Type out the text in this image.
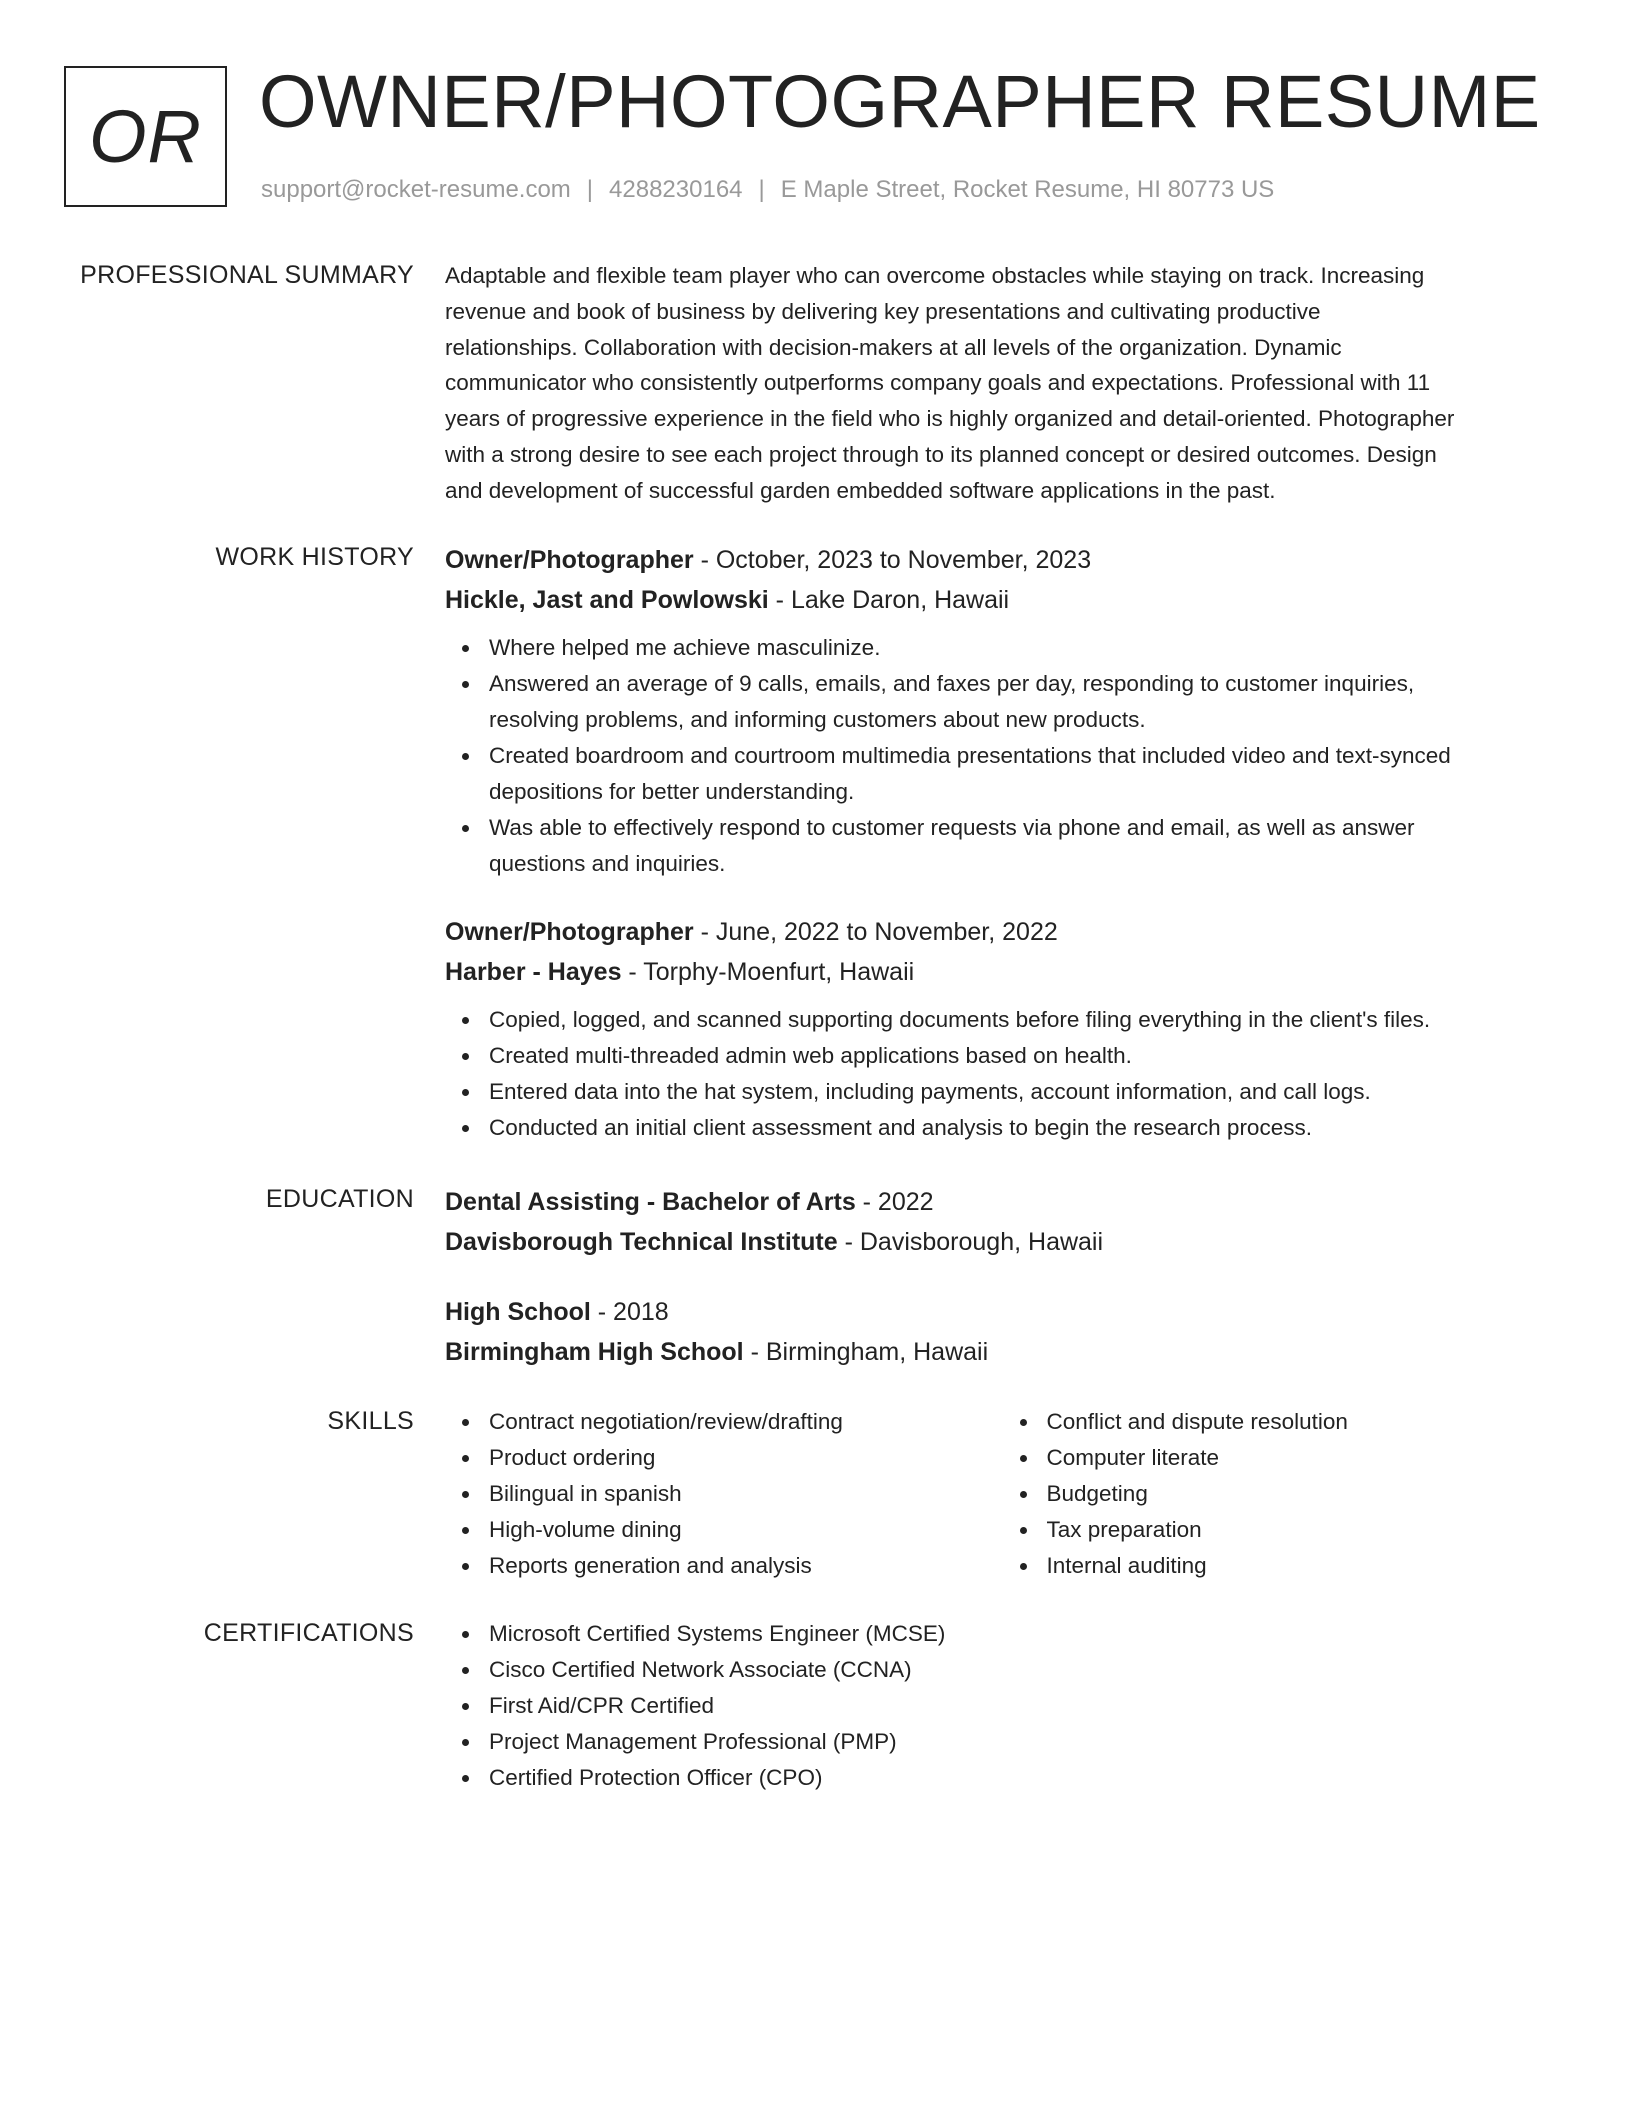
OR OWNER/PHOTOGRAPHER RESUME
support@rocket-resume.com | 4288230164 | E Maple Street, Rocket Resume, HI 80773 US
PROFESSIONAL SUMMARY Adaptable and flexible team player who can overcome obstacles while staying on track. Increasing
revenue and book of business by delivering key presentations and cultivating productive
relationships. Collaboration with decision-makers at all levels of the organization. Dynamic
communicator who consistently outperforms company goals and expectations. Professional with 11
years of progressive experience in the field who is highly organized and detail-oriented. Photographer
with a strong desire to see each project through to its planned concept or desired outcomes. Design
and development of successful garden embedded software applications in the past.

WORK HISTORY Owner/Photographer - October, 2023 to November, 2023
Hickle, Jast and Powlowski - Lake Daron, Hawaii
Where helped me achieve masculinize.
Answered an average of 9 calls, emails, and faxes per day, responding to customer inquiries,
resolving problems, and informing customers about new products.
Created boardroom and courtroom multimedia presentations that included video and text-synced
depositions for better understanding.
Was able to effectively respond to customer requests via phone and email, as well as answer
questions and inquiries.
Owner/Photographer - June, 2022 to November, 2022
Harber - Hayes - Torphy-Moenfurt, Hawaii
Copied, logged, and scanned supporting documents before filing everything in the client's files.
Created multi-threaded admin web applications based on health.
Entered data into the hat system, including payments, account information, and call logs.
Conducted an initial client assessment and analysis to begin the research process.
EDUCATION Dental Assisting - Bachelor of Arts - 2022
Davisborough Technical Institute - Davisborough, Hawaii
High School - 2018
Birmingham High School - Birmingham, Hawaii
SKILLS	Contract negotiation/review/drafting
Product ordering
Bilingual in spanish
High-volume dining
Reports generation and analysis
Conflict and dispute resolution
Computer literate
Budgeting
Tax preparation
Internal auditing
CERTIFICATIONS	Microsoft Certified Systems Engineer (MCSE)
Cisco Certified Network Associate (CCNA)
First Aid/CPR Certified
Project Management Professional (PMP)
Certified Protection Officer (CPO)
